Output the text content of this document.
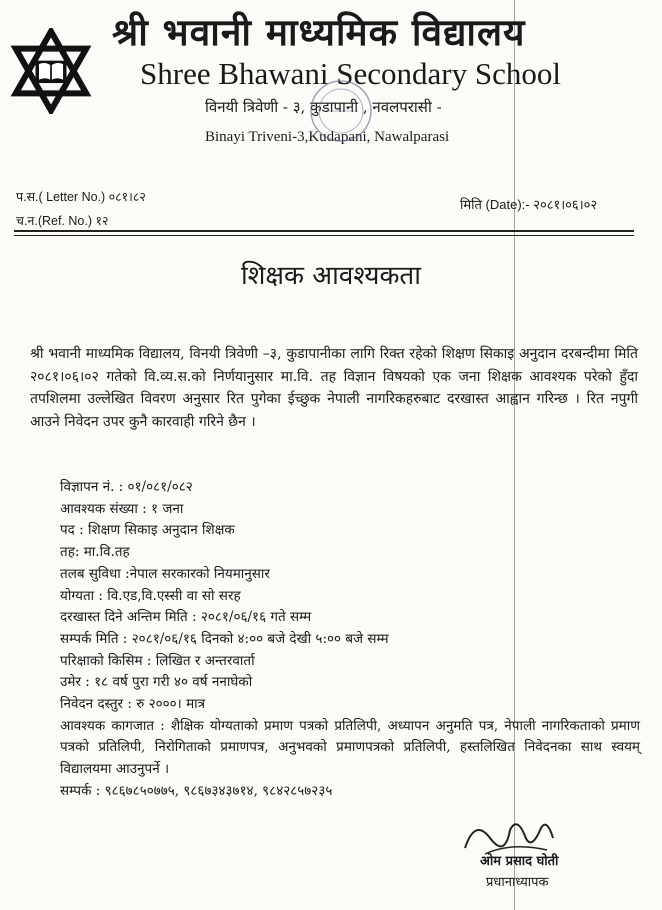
श्री भवानी माध्यमिक विद्यालय
Shree Bhawani Secondary School
विनयी त्रिवेणी - ३, कुडापानी , नवलपरासी -
Binayi Triveni-3,Kudapani, Nawalparasi
प.स.( Letter No.) ०८१।८२
च.न.(Ref. No.) १२
मिति (Date):- २०८१।०६।०२
शिक्षक आवश्यकता

श्री भवानी माध्यमिक विद्यालय, विनयी त्रिवेणी –३, कुडापानीका लागि रिक्त रहेको शिक्षण सिकाइ अनुदान दरबन्दीमा मिति २०८१।०६।०२ गतेको वि.व्य.स.को निर्णयानुसार मा.वि. तह विज्ञान विषयको एक जना शिक्षक आवश्यक परेको हुँदा तपशिलमा उल्लेखित विवरण अनुसार रित पुगेका ईच्छुक नेपाली नागरिकहरुबाट दरखास्त आह्वान गरिन्छ । रित नपुगी आउने निवेदन उपर कुनै कारवाही गरिने छैन ।

विज्ञापन नं. : ०१/०८१/०८२
आवश्यक संख्या : १ जना
पद : शिक्षण सिकाइ अनुदान शिक्षक
तह: मा.वि.तह
तलब सुविधा :नेपाल सरकारको नियमानुसार
योग्यता : वि.एड,वि.एस्सी वा सो सरह
दरखास्त दिने अन्तिम मिति : २०८१/०६/१६ गते सम्म
सम्पर्क मिति : २०८१/०६/१६ दिनको ४:०० बजे देखी ५:०० बजे सम्म
परिक्षाको किसिम : लिखित र अन्तरवार्ता
उमेर : १८ वर्ष पुरा गरी ४० वर्ष ननाघेको
निवेदन दस्तुर : रु २०००। मात्र
आवश्यक कागजात : शैक्षिक योग्यताको प्रमाण पत्रको प्रतिलिपी, अध्यापन अनुमति पत्र, नेपाली नागरिकताको प्रमाण पत्रको प्रतिलिपी, निरोगिताको प्रमाणपत्र, अनुभवको प्रमाणपत्रको प्रतिलिपी, हस्तलिखित निवेदनका साथ स्वयम् विद्यालयमा आउनुपर्ने ।
सम्पर्क : ९८६७८५०७७५, ९८६७३४३७१४, ९८४२८५७२३५
ओम प्रसाद घोती
प्रधानाध्यापक
